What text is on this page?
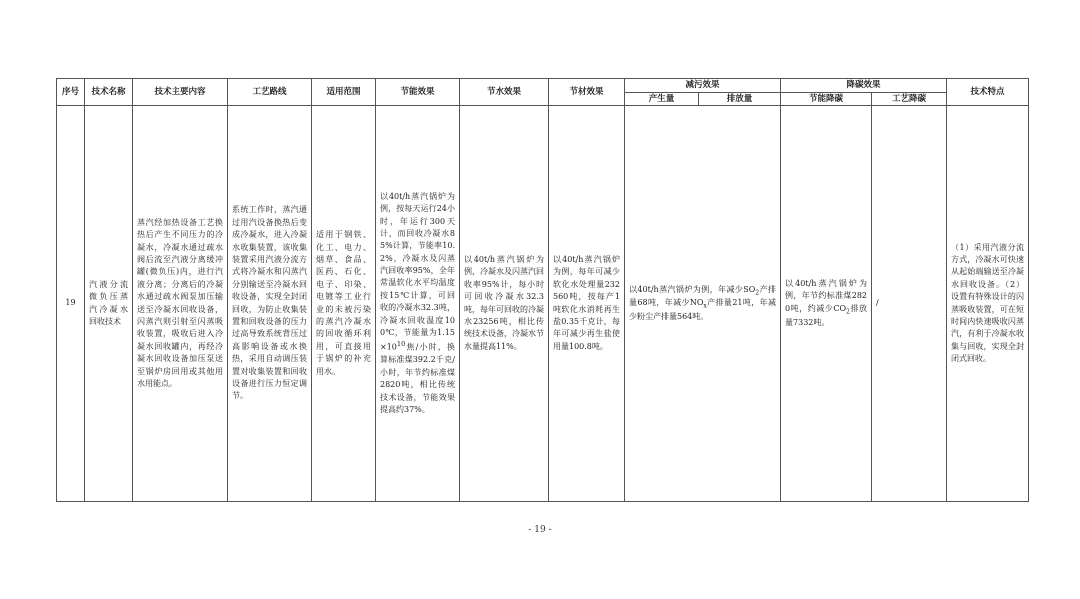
序号	技术名称	技术主要内容	工艺路线	适用范围	节能效果	节水效果	节材效果	减污效果		降碳效果		技术特点
								产生量	排放量	节能降碳	工艺降碳	
19	汽液分流微负压蒸汽冷凝水回收技术	蒸汽经加热设备工艺换热后产生不同压力的冷凝水，冷凝水通过疏水阀后流至汽液分离缓冲罐(微负压)内，进行汽液分离；分离后的冷凝水通过疏水阀泵加压输送至冷凝水回收设备，闪蒸汽则引射至闪蒸吸收装置，吸收后进入冷凝水回收罐内，再经冷凝水回收设备加压泵送至锅炉房回用或其他用水用能点。	系统工作时，蒸汽通过用汽设备换热后变成冷凝水，进入冷凝水收集装置，该收集装置采用汽液分流方式将冷凝水和闪蒸汽分别输送至冷凝水回收设备，实现全封闭回收，为防止收集装置和回收设备的压力过高导致系统背压过高影响设备或水换热，采用自动调压装置对收集装置和回收设备进行压力恒定调节。	适用于钢铁、化工、电力、烟草、食品、医药、石化、电子、印染、电镀等工业行业的未被污染的蒸汽冷凝水的回收循环利用，可直接用于锅炉的补充用水。	以40t/h蒸汽锅炉为例，按每天运行24小时，年运行300天计，而回收冷凝水85%计算，节能率10.2%，冷凝水及闪蒸汽回收率95%，全年常温软化水平均温度按15℃计算，可回收的冷凝水32.3吨，冷凝水回收温度100℃，节能量为$1.15\times 10^{10}$焦/小时，换算标准煤392.2千克/小时，年节约标准煤2820吨，相比传统技术设备，节能效果提高约37%。	以40t/h蒸汽锅炉为例，冷凝水及闪蒸汽回收率95%计，每小时可回收冷凝水32.3吨，每年可回收的冷凝水23256吨，相比传统技术设备，冷凝水节水量提高11%。	以40t/h蒸汽锅炉为例，每年可减少软化水处理量232560吨，按每产1吨软化水消耗再生盐0.35千克计，每年可减少再生盐使用量100.8吨。	以40t/h蒸汽锅炉为例，年减少$SO_2$产排量68吨，年减少$NO_x$产排量21吨，年减少粉尘产排量564吨。		以40t/h蒸汽锅炉为例，年节约标准煤2820吨，约减少$CO_2$排放量7332吨。	/	（1）采用汽液分流方式，冷凝水可快速从起始端输送至冷凝水回收设备。（2）设置有特殊设计的闪蒸吸收装置，可在短时间内快速吸收闪蒸汽，有利于冷凝水收集与回收，实现全封闭式回收。
- 19 -
